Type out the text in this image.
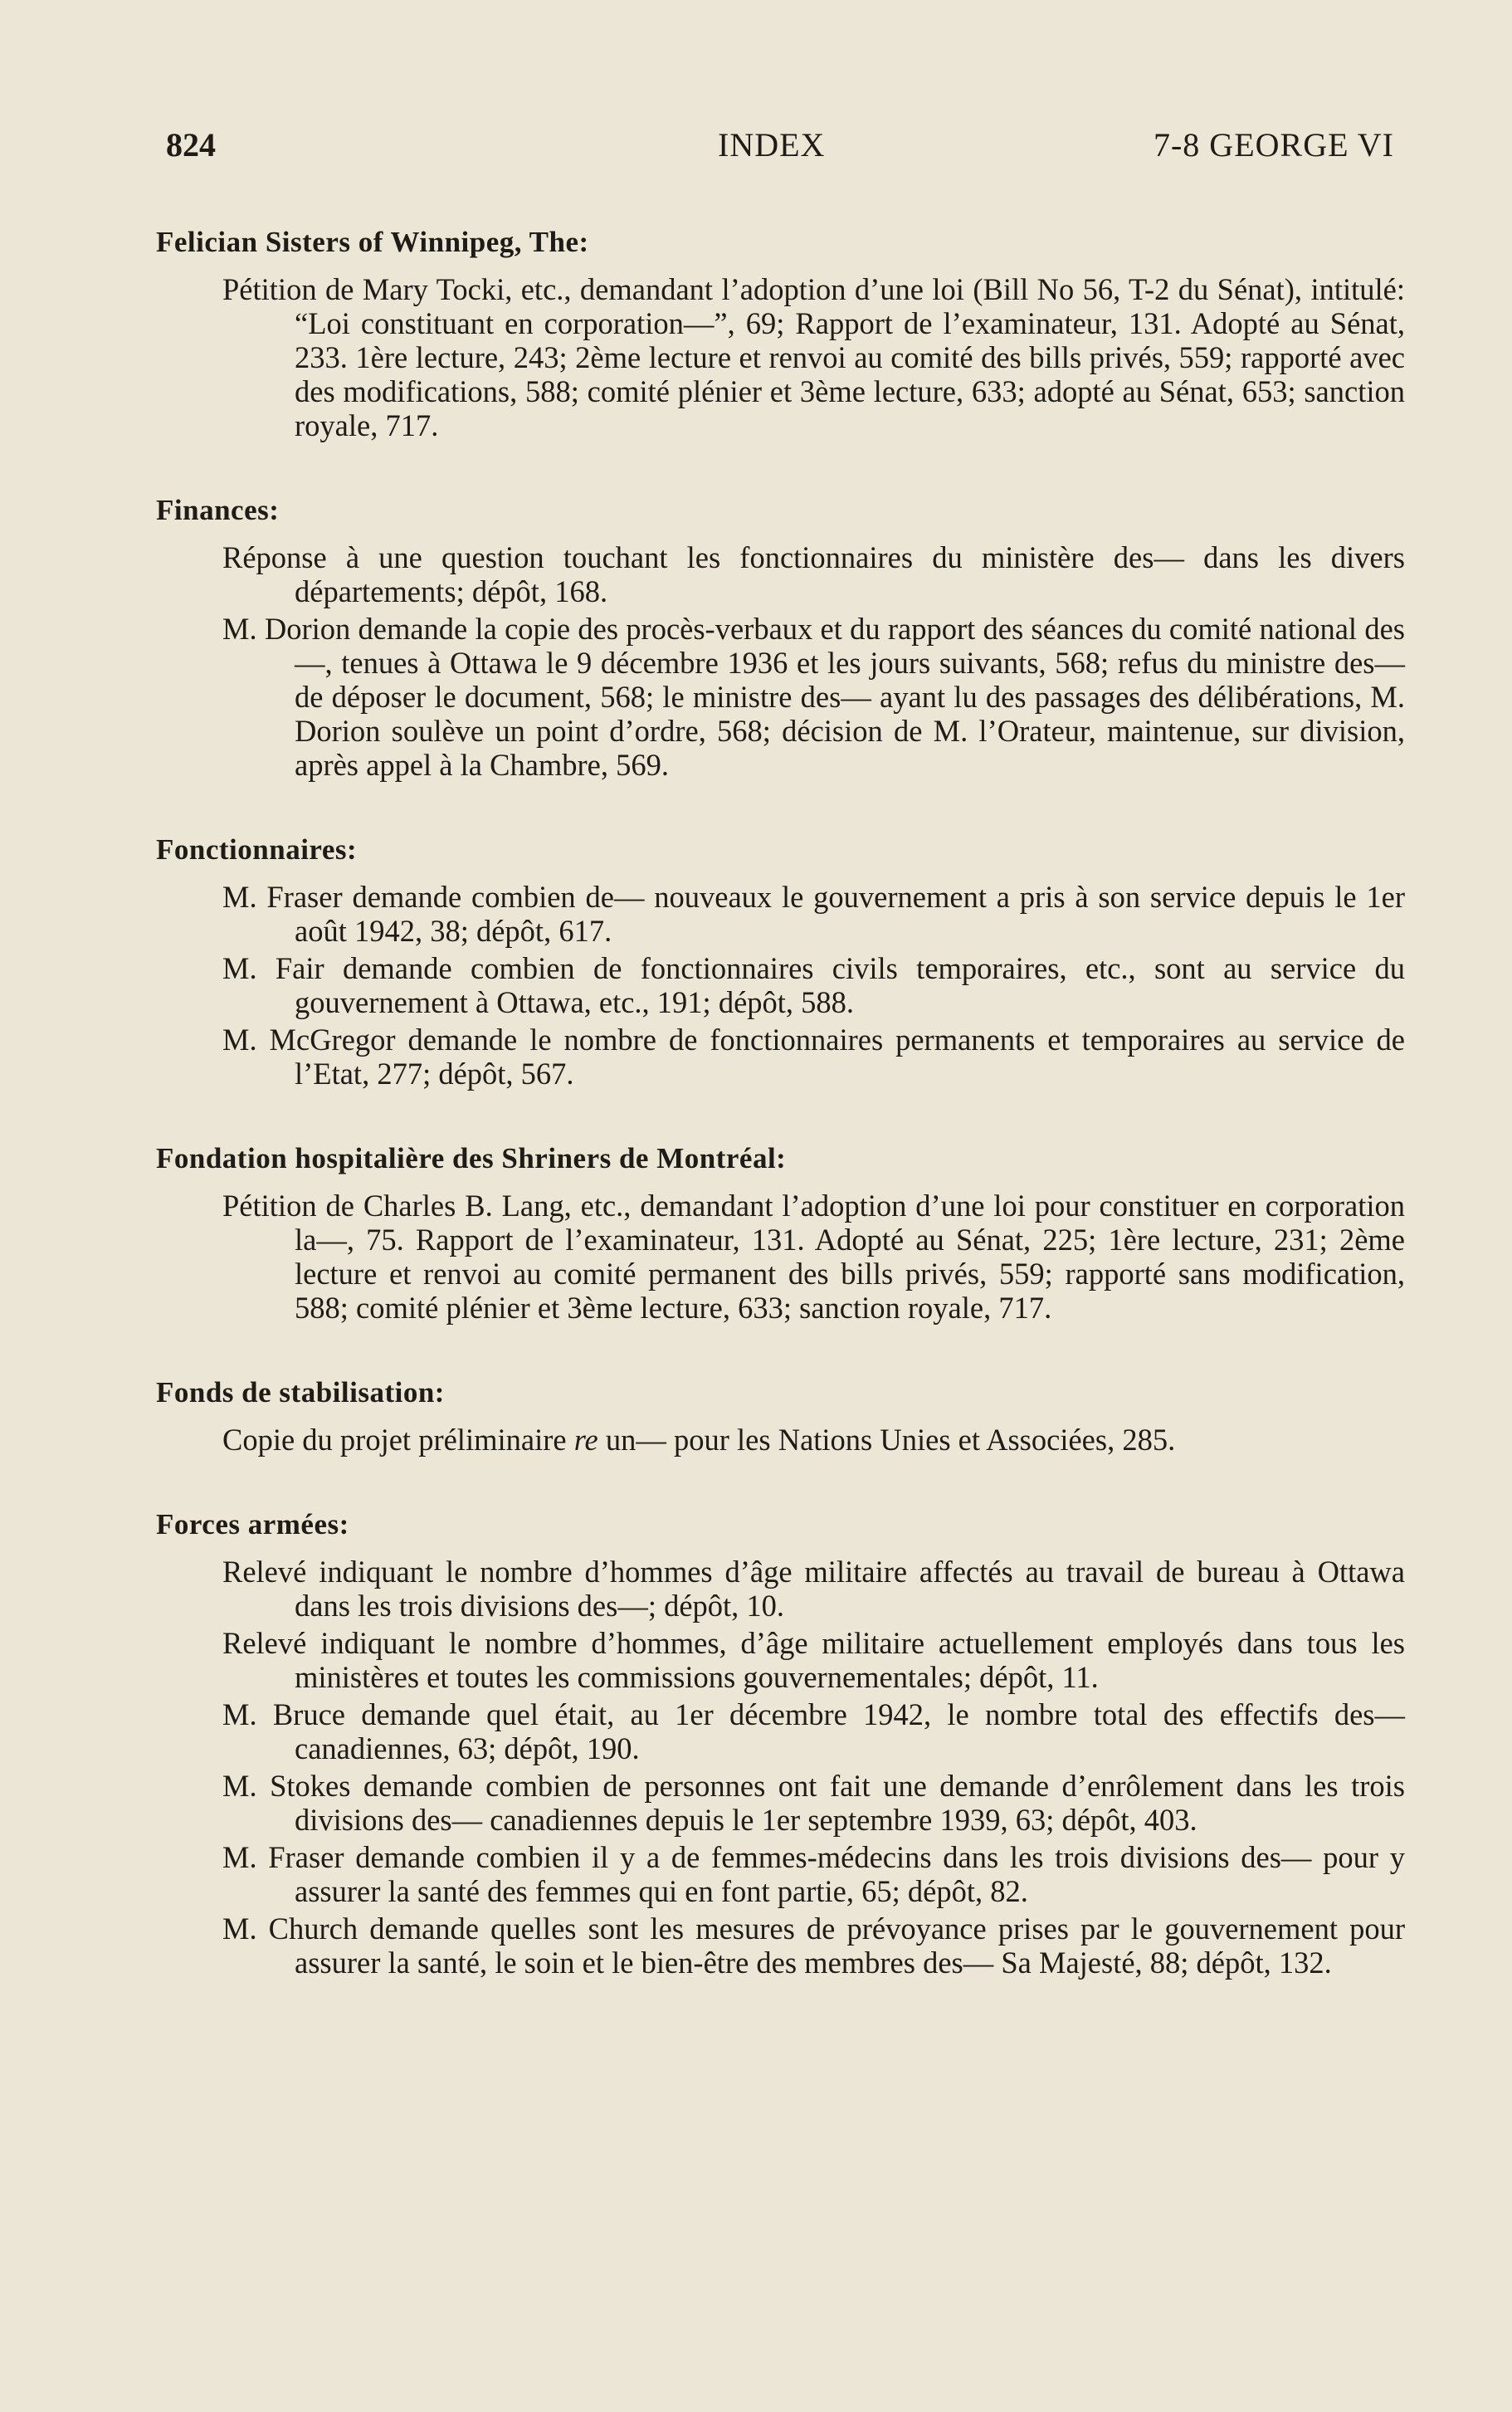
824	INDEX	7-8 GEORGE VI
Felician Sisters of Winnipeg, The:

Pétition de Mary Tocki, etc., demandant l’adoption d’une loi (Bill No 56, T-2 du Sénat), intitulé: “Loi constituant en corporation—”, 69; Rapport de l’examinateur, 131. Adopté au Sénat, 233. 1ère lecture, 243; 2ème lecture et renvoi au comité des bills privés, 559; rapporté avec des modifications, 588; comité plénier et 3ème lecture, 633; adopté au Sénat, 653; sanction royale, 717.

Finances:

Réponse à une question touchant les fonctionnaires du ministère des— dans les divers départements; dépôt, 168.

M. Dorion demande la copie des procès-verbaux et du rapport des séances du comité national des—, tenues à Ottawa le 9 décembre 1936 et les jours suivants, 568; refus du ministre des— de déposer le document, 568; le ministre des— ayant lu des passages des délibérations, M. Dorion soulève un point d’ordre, 568; décision de M. l’Orateur, maintenue, sur division, après appel à la Chambre, 569.

Fonctionnaires:

M. Fraser demande combien de— nouveaux le gouvernement a pris à son service depuis le 1er août 1942, 38; dépôt, 617.

M. Fair demande combien de fonctionnaires civils temporaires, etc., sont au service du gouvernement à Ottawa, etc., 191; dépôt, 588.

M. McGregor demande le nombre de fonctionnaires permanents et temporaires au service de l’Etat, 277; dépôt, 567.

Fondation hospitalière des Shriners de Montréal:

Pétition de Charles B. Lang, etc., demandant l’adoption d’une loi pour constituer en corporation la—, 75. Rapport de l’examinateur, 131. Adopté au Sénat, 225; 1ère lecture, 231; 2ème lecture et renvoi au comité permanent des bills privés, 559; rapporté sans modification, 588; comité plénier et 3ème lecture, 633; sanction royale, 717.

Fonds de stabilisation:

Copie du projet préliminaire re un— pour les Nations Unies et Associées, 285.

Forces armées:

Relevé indiquant le nombre d’hommes d’âge militaire affectés au travail de bureau à Ottawa dans les trois divisions des—; dépôt, 10.

Relevé indiquant le nombre d’hommes, d’âge militaire actuellement employés dans tous les ministères et toutes les commissions gouvernementales; dépôt, 11.

M. Bruce demande quel était, au 1er décembre 1942, le nombre total des effectifs des— canadiennes, 63; dépôt, 190.

M. Stokes demande combien de personnes ont fait une demande d’enrôlement dans les trois divisions des— canadiennes depuis le 1er septembre 1939, 63; dépôt, 403.

M. Fraser demande combien il y a de femmes-médecins dans les trois divisions des— pour y assurer la santé des femmes qui en font partie, 65; dépôt, 82.

M. Church demande quelles sont les mesures de prévoyance prises par le gouvernement pour assurer la santé, le soin et le bien-être des membres des— Sa Majesté, 88; dépôt, 132.
